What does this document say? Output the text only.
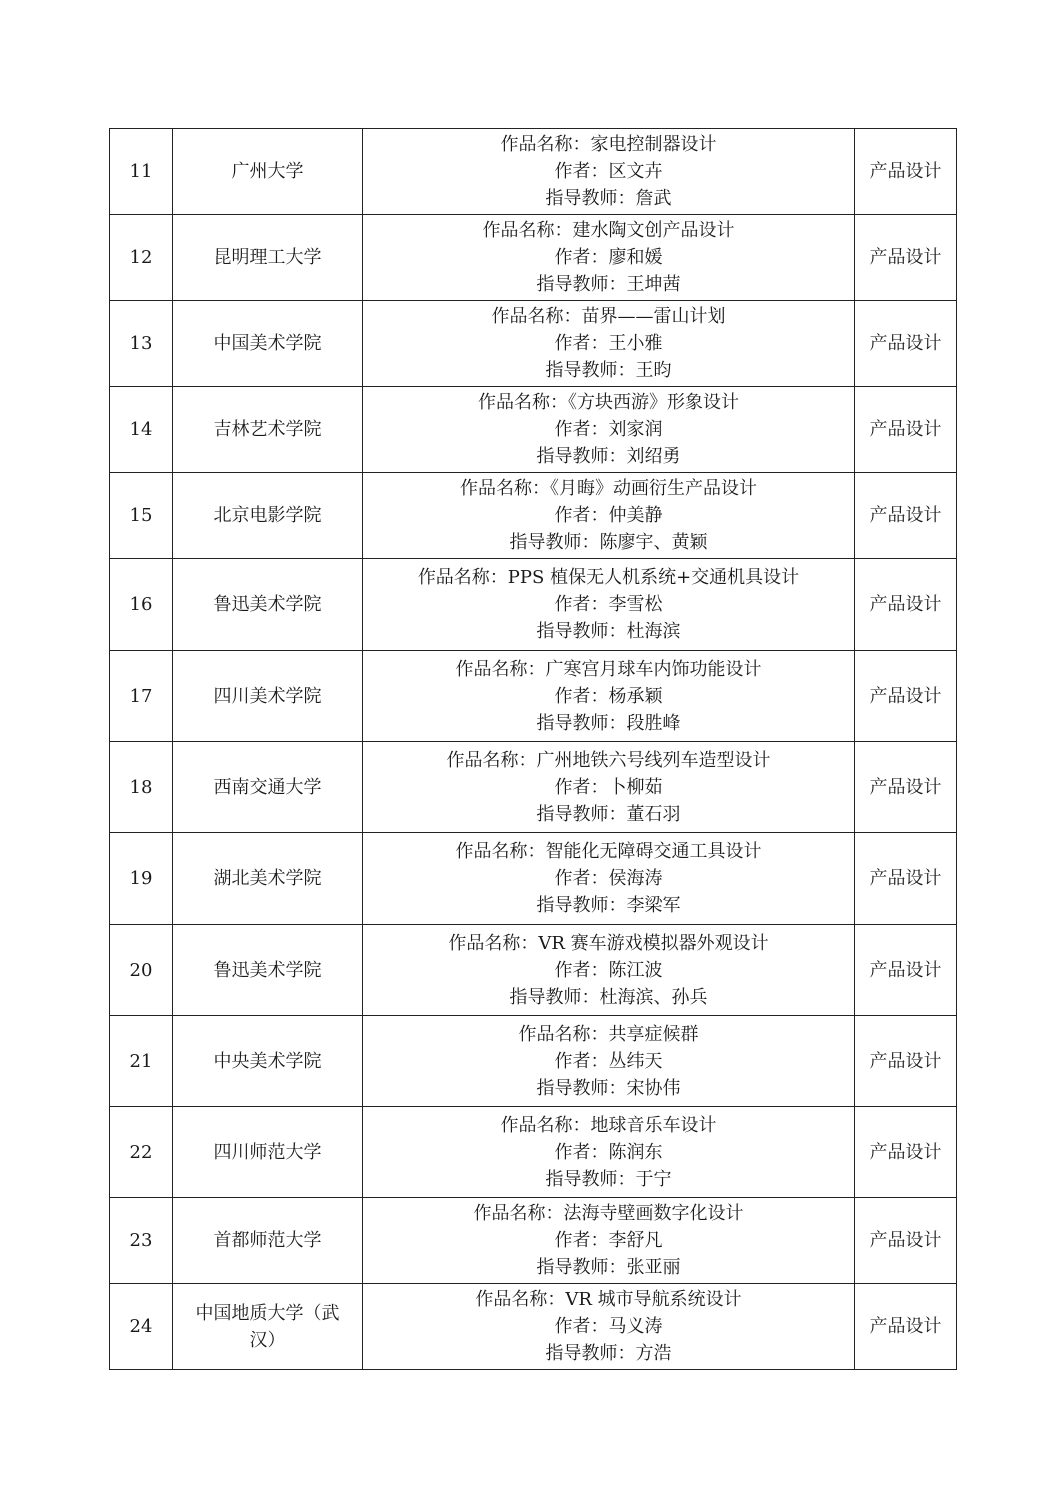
11	广州大学	作品名称：家电控制器设计
作者：区文卉
指导教师：詹武	产品设计
12	昆明理工大学	作品名称：建水陶文创产品设计
作者：廖和媛
指导教师：王坤茜	产品设计
13	中国美术学院	作品名称：苗界——雷山计划
作者：王小雅
指导教师：王昀	产品设计
14	吉林艺术学院	作品名称：《方块西游》形象设计
作者：刘家润
指导教师：刘绍勇	产品设计
15	北京电影学院	作品名称：《月晦》动画衍生产品设计
作者：仲美静
指导教师：陈廖宇、黄颖	产品设计
16	鲁迅美术学院	作品名称：PPS 植保无人机系统+交通机具设计
作者：李雪松
指导教师：杜海滨	产品设计
17	四川美术学院	作品名称：广寒宫月球车内饰功能设计
作者：杨承颖
指导教师：段胜峰	产品设计
18	西南交通大学	作品名称：广州地铁六号线列车造型设计
作者：卜柳茹
指导教师：董石羽	产品设计
19	湖北美术学院	作品名称：智能化无障碍交通工具设计
作者：侯海涛
指导教师：李梁军	产品设计
20	鲁迅美术学院	作品名称：VR 赛车游戏模拟器外观设计
作者：陈江波
指导教师：杜海滨、孙兵	产品设计
21	中央美术学院	作品名称：共享症候群
作者：丛纬天
指导教师：宋协伟	产品设计
22	四川师范大学	作品名称：地球音乐车设计
作者：陈润东
指导教师：于宁	产品设计
23	首都师范大学	作品名称：法海寺壁画数字化设计
作者：李舒凡
指导教师：张亚丽	产品设计
24	中国地质大学（武汉）	作品名称：VR 城市导航系统设计
作者：马义涛
指导教师：方浩	产品设计
